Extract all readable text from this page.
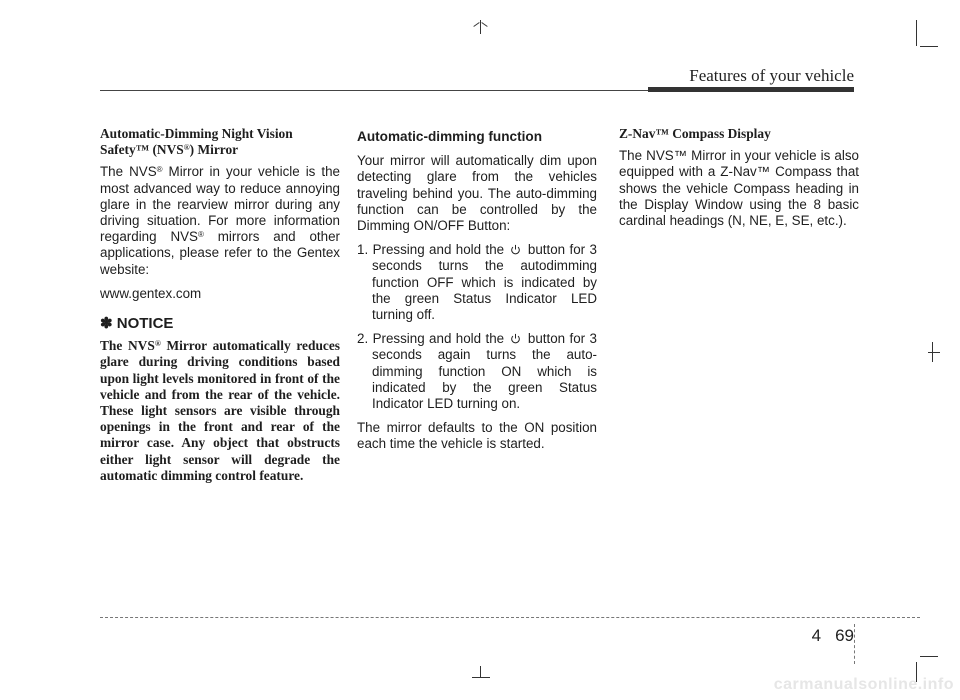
Features of your vehicle
Automatic-Dimming Night Vision Safety™ (NVS®) Mirror

The NVS® Mirror in your vehicle is the most advanced way to reduce annoying glare in the rearview mirror during any driving situation. For more information regarding NVS® mirrors and other applications, please refer to the Gentex website:

www.gentex.com

✽ NOTICE
The NVS® Mirror automatically reduces glare during driving conditions based upon light levels monitored in front of the vehicle and from the rear of the vehicle. These light sensors are visible through openings in the front and rear of the mirror case. Any object that obstructs either light sensor will degrade the automatic dimming control feature.
Automatic-dimming function

Your mirror will automatically dim upon detecting glare from the vehicles traveling behind you. The auto-dimming function can be controlled by the Dimming ON/OFF Button:

1. Pressing and hold the button for 3 seconds turns the autodimming function OFF which is indicated by the green Status Indicator LED turning off.
2. Pressing and hold the button for 3 seconds again turns the auto-dimming function ON which is indicated by the green Status Indicator LED turning on.

The mirror defaults to the ON position each time the vehicle is started.

Z-Nav™ Compass Display

The NVS™ Mirror in your vehicle is also equipped with a Z-Nav™ Compass that shows the vehicle Compass heading in the Display Window using the 8 basic cardinal headings (N, NE, E, SE, etc.).

4 69
carmanualsonline.info
